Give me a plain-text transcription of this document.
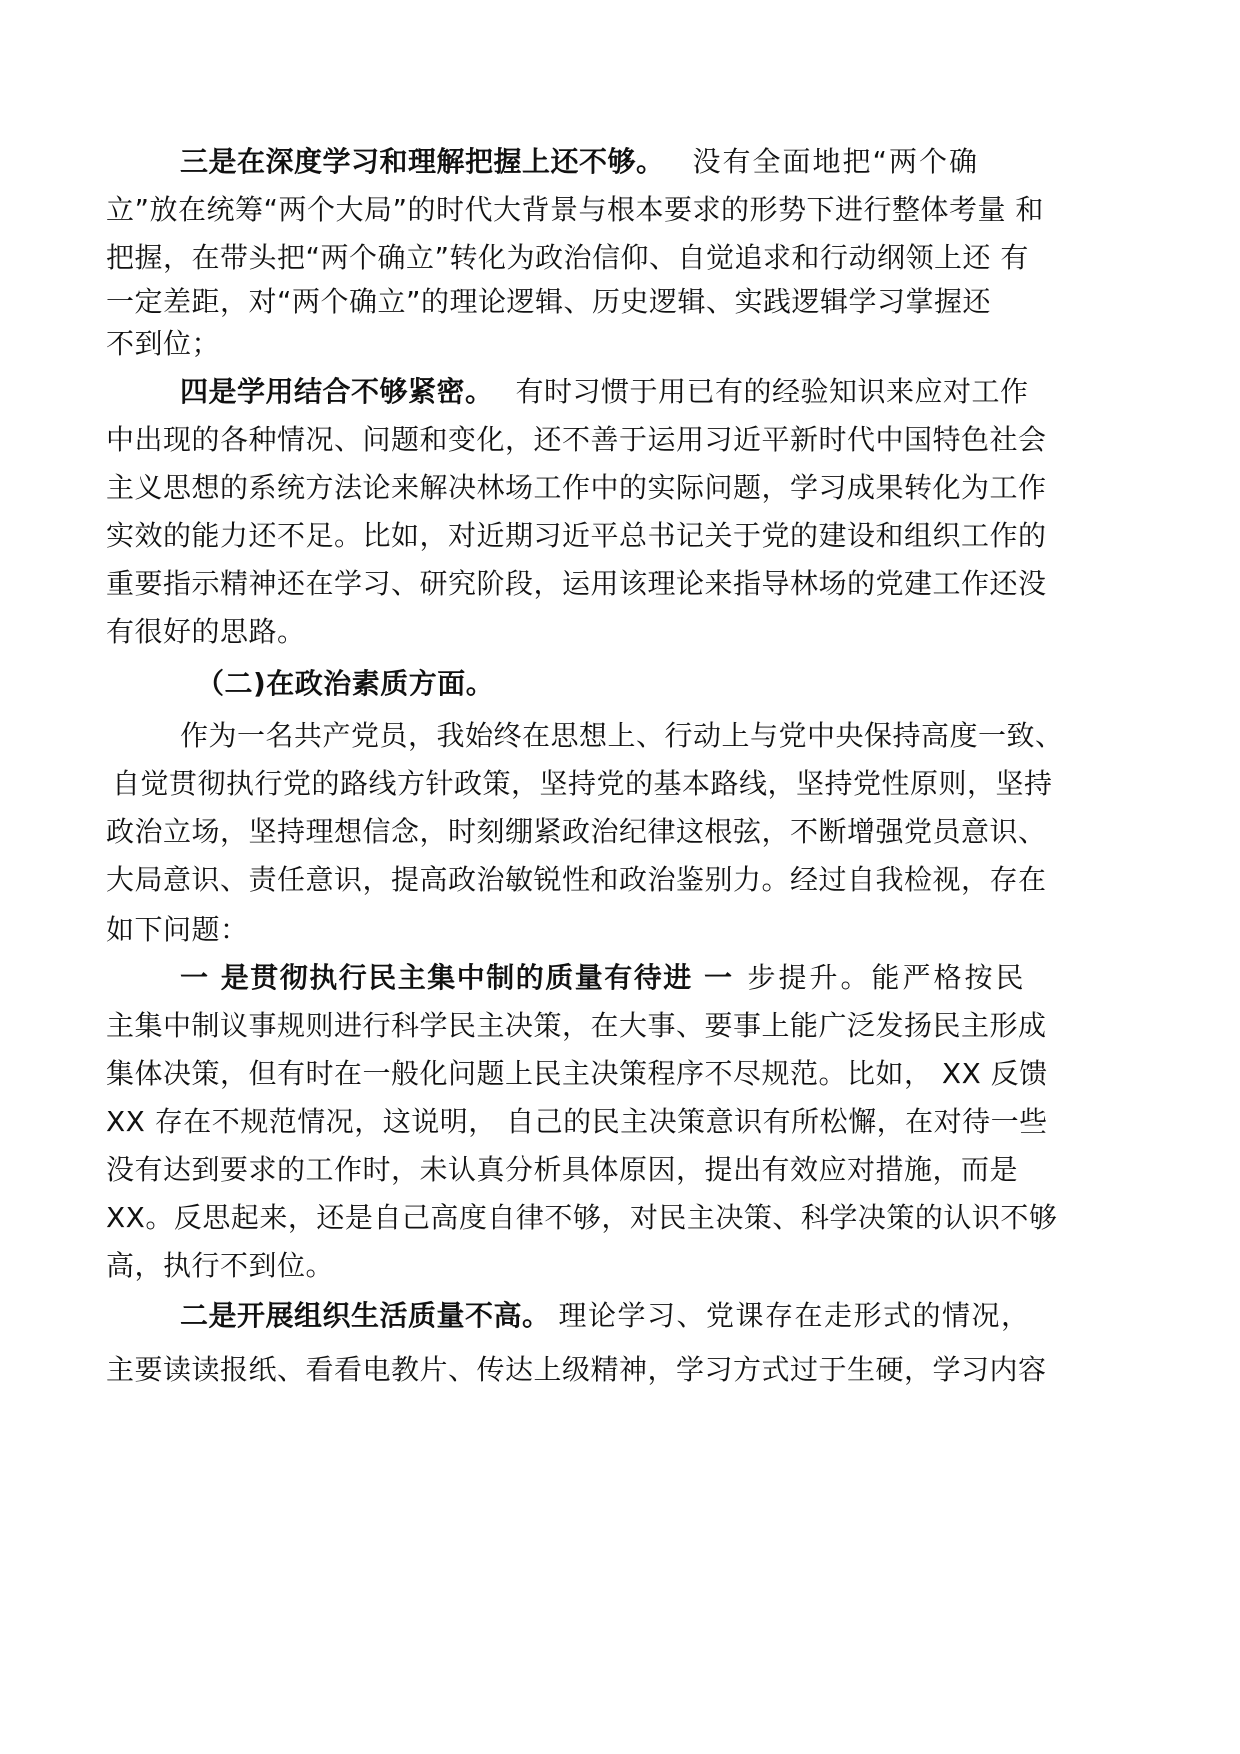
三是在深度学习和理解把握上还不够。 没有全面地把“两个确
立”放在统筹“两个大局”的时代大背景与根本要求的形势下进行整体考量 和
把握，在带头把“两个确立”转化为政治信仰、自觉追求和行动纲领上还 有
一定差距，对“两个确立”的理论逻辑、历史逻辑、实践逻辑学习掌握还
不到位；
四是学用结合不够紧密。 有时习惯于用已有的经验知识来应对工作
中出现的各种情况、问题和变化，还不善于运用习近平新时代中国特色社会
主义思想的系统方法论来解决林场工作中的实际问题，学习成果转化为工作
实效的能力还不足。比如，对近期习近平总书记关于党的建设和组织工作的
重要指示精神还在学习、研究阶段，运用该理论来指导林场的党建工作还没
有很好的思路。
（二)在政治素质方面。
作为一名共产党员，我始终在思想上、行动上与党中央保持高度一致、
自觉贯彻执行党的路线方针政策，坚持党的基本路线，坚持党性原则，坚持
政治立场，坚持理想信念，时刻绷紧政治纪律这根弦，不断增强党员意识、
大局意识、责任意识，提高政治敏锐性和政治鉴别力。经过自我检视，存在
如下问题：
一 是贯彻执行民主集中制的质量有待进 一 步提升。能严格按民
主集中制议事规则进行科学民主决策，在大事、要事上能广泛发扬民主形成
集体决策，但有时在一般化问题上民主决策程序不尽规范。比如， XX 反馈
XX 存在不规范情况，这说明， 自己的民主决策意识有所松懈，在对待一些
没有达到要求的工作时，未认真分析具体原因，提出有效应对措施，而是
XX。反思起来，还是自己高度自律不够，对民主决策、科学决策的认识不够
高，执行不到位。
二是开展组织生活质量不高。 理论学习、党课存在走形式的情况，
主要读读报纸、看看电教片、传达上级精神，学习方式过于生硬，学习内容
